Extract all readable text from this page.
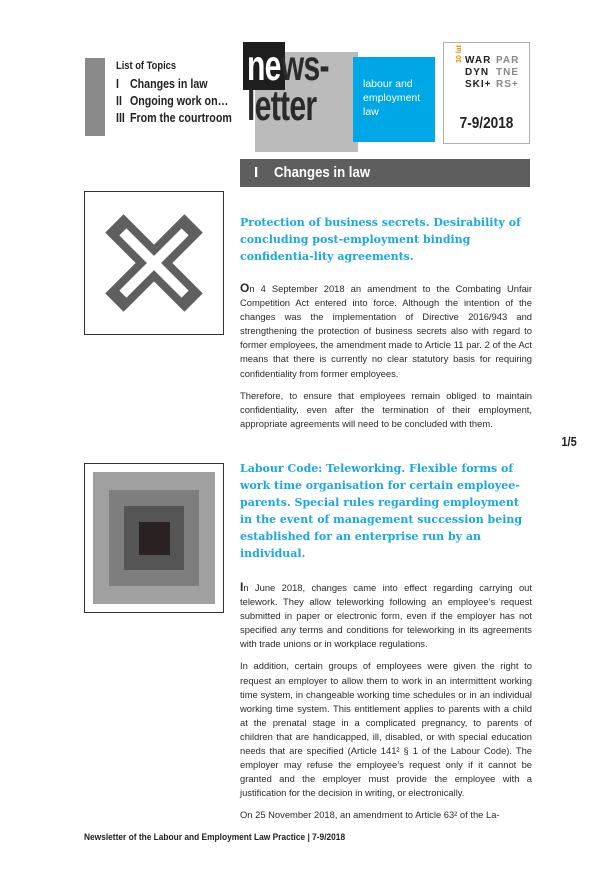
List of Topics
I Changes in law
II Ongoing work on…
III From the courtroom
news-
letter	labour and employment law
30 lat WAR
DYN
SKI+
PAR
TNE
RS+
7-9/2018
I Changes in law
Protection of business secrets. Desirability of concluding post-employment binding confidentia-lity agreements.

On 4 September 2018 an amendment to the Combating Unfair Competition Act entered into force. Although the intention of the changes was the implementation of Directive 2016/943 and strengthening the protection of business secrets also with regard to former employees, the amendment made to Article 11 par. 2 of the Act means that there is currently no clear statutory basis for requiring confidentiality from former employees.

Therefore, to ensure that employees remain obliged to maintain confidentiality, even after the termination of their employment, appropriate agreements will need to be concluded with them.

1/5
Labour Code: Teleworking. Flexible forms of work time organisation for certain employee-parents. Special rules regarding employment in the event of management succession being established for an enterprise run by an individual.

In June 2018, changes came into effect regarding carrying out telework. They allow teleworking following an employee’s request submitted in paper or electronic form, even if the employer has not specified any terms and conditions for teleworking in its agreements with trade unions or in workplace regulations.

In addition, certain groups of employees were given the right to request an employer to allow them to work in an intermittent working time system, in changeable working time schedules or in an individual working time system. This entitlement applies to parents with a child at the prenatal stage in a complicated pregnancy, to parents of children that are handicapped, ill, disabled, or with special education needs that are specified (Article 141² § 1 of the Labour Code). The employer may refuse the employee’s request only if it cannot be granted and the employer must provide the employee with a justification for the decision in writing, or electronically.

On 25 November 2018, an amendment to Article 63² of the La-

Newsletter of the Labour and Employment Law Practice | 7-9/2018
